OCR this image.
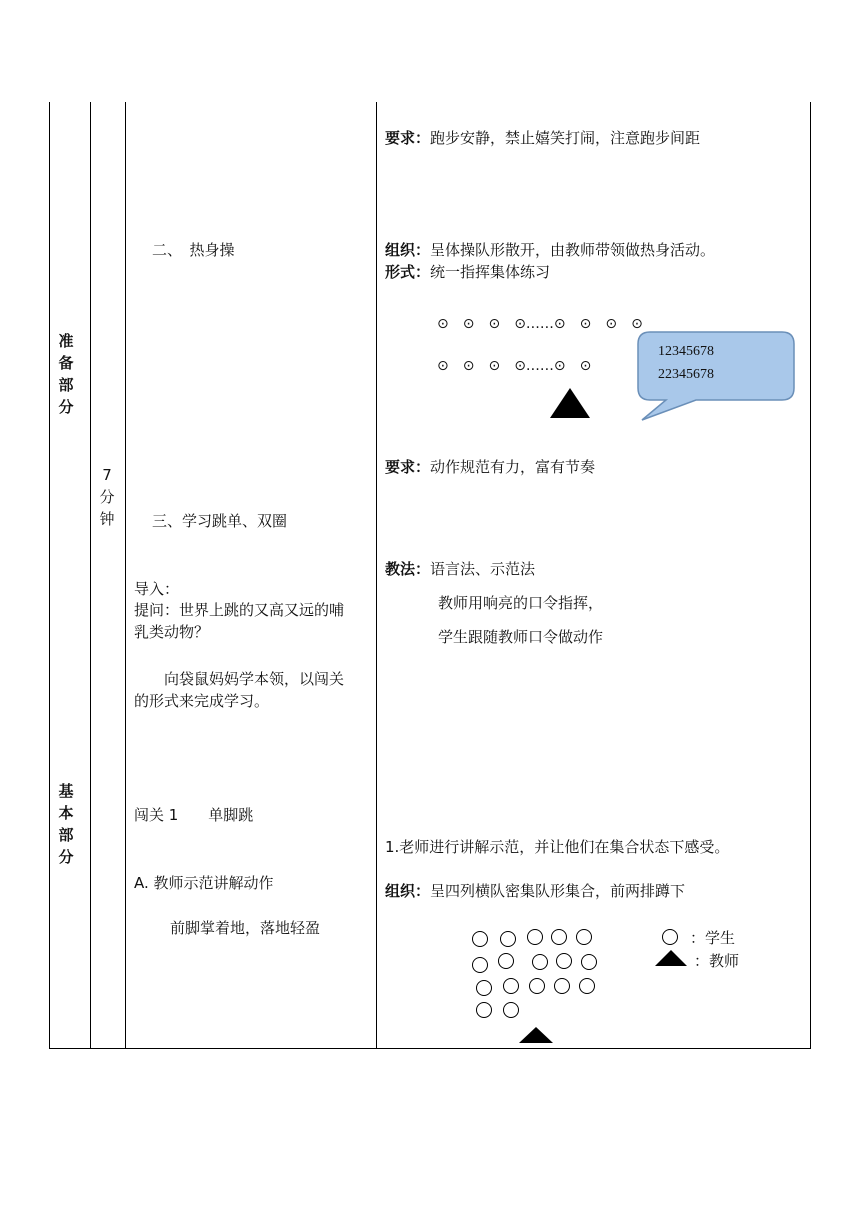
准
备
部
分
基
本
部
分
7
分
钟
二、　热身操
三、学习跳单、双圈
导入：
提问：世界上跳的又高又远的哺
乳类动物？
　　向袋鼠妈妈学本领，以闯关
的形式来完成学习。
闯关 1　　单脚跳
A. 教师示范讲解动作
前脚掌着地，落地轻盈
要求：跑步安静，禁止嬉笑打闹，注意跑步间距
组织：呈体操队形散开，由教师带领做热身活动。
形式：统一指挥集体练习
⊙　⊙　⊙　⊙……⊙　⊙　⊙　⊙
⊙　⊙　⊙　⊙……⊙　⊙
12345678
22345678
要求：动作规范有力，富有节奏
教法：语言法、示范法
教师用响亮的口令指挥，
学生跟随教师口令做动作
1.老师进行讲解示范，并让他们在集合状态下感受。
组织：呈四列横队密集队形集合，前两排蹲下
：学生
：教师
